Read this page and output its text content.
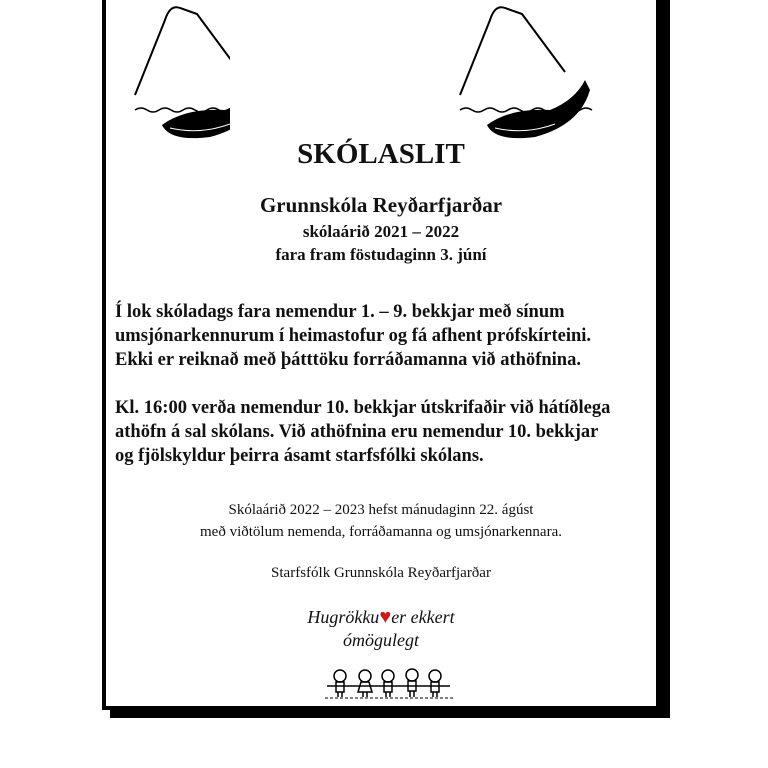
SKÓLASLIT
Grunnskóla Reyðarfjarðar
skólaárið 2021 – 2022
fara fram föstudaginn 3. júní
Í lok skóladags fara nemendur 1. – 9. bekkjar með sínum
umsjónarkennurum í heimastofur og fá afhent prófskírteini.
Ekki er reiknað með þátttöku forráðamanna við athöfnina.
Kl. 16:00 verða nemendur 10. bekkjar útskrifaðir við hátíðlega
athöfn á sal skólans. Við athöfnina eru nemendur 10. bekkjar
og fjölskyldur þeirra ásamt starfsfólki skólans.
Skólaárið 2022 – 2023 hefst mánudaginn 22. ágúst
með viðtölum nemenda, forráðamanna og umsjónarkennara.
Starfsfólk Grunnskóla Reyðarfjarðar
Hugrökku♥er ekkert
ómögulegt
